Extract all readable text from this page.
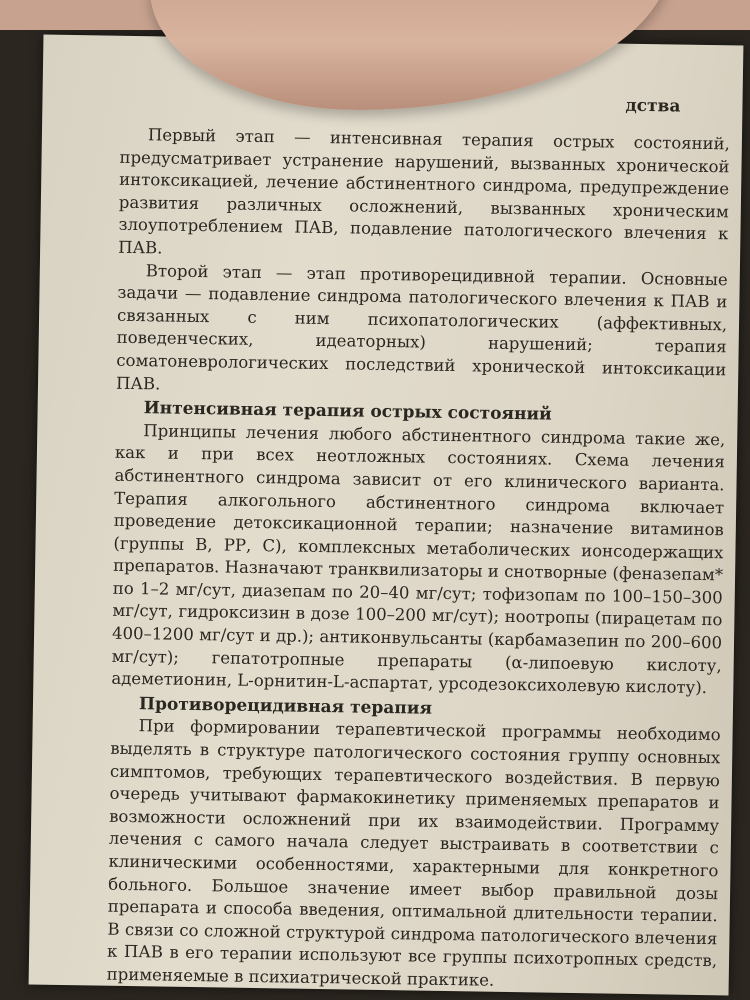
дства

Первый этап — интенсивная терапия острых состояний, предусматривает устранение нарушений, вызванных хронической интоксикацией, лечение абстинентного синдрома, предупреждение развития различных осложнений, вызванных хроническим злоупотреблением ПАВ, подавление патологического влечения к ПАВ.

Второй этап — этап противорецидивной терапии. Основные задачи — подавление синдрома патологического влечения к ПАВ и связанных с ним психопатологических (аффективных, поведенческих, идеаторных) нарушений; терапия соматоневрологических последствий хронической интоксикации ПАВ.

Интенсивная терапия острых состояний

Принципы лечения любого абстинентного синдрома такие же, как и при всех неотложных состояниях. Схема лечения абстинентного синдрома зависит от его клинического варианта. Терапия алкогольного абстинентного синдрома включает проведение детоксикационной терапии; назначение витаминов (группы В, РР, С), комплексных метаболических ионсодержащих препаратов. Назначают транквилизаторы и снотворные (феназепам* по 1–2 мг/сут, диазепам по 20–40 мг/сут; тофизопам по 100–150–300 мг/сут, гидроксизин в дозе 100–200 мг/сут); ноотропы (пирацетам по 400–1200 мг/сут и др.); антиконвульсанты (карбамазепин по 200–600 мг/сут); гепатотропные препараты (α-липоевую кислоту, адеметионин, L-орнитин-L-аспартат, урсодезоксихолевую кислоту).

Противорецидивная терапия

При формировании терапевтической программы необходимо выделять в структуре патологического состояния группу основных симптомов, требующих терапевтического воздействия. В первую очередь учитывают фармакокинетику применяемых препаратов и возможности осложнений при их взаимодействии. Программу лечения с самого начала следует выстраивать в соответствии с клиническими особенностями, характерными для конкретного больного. Большое значение имеет выбор правильной дозы препарата и способа введения, оптимальной длительности терапии. В связи со сложной структурой синдрома патологического влечения к ПАВ в его терапии используют все группы психотропных средств, применяемые в психиатрической практике.
